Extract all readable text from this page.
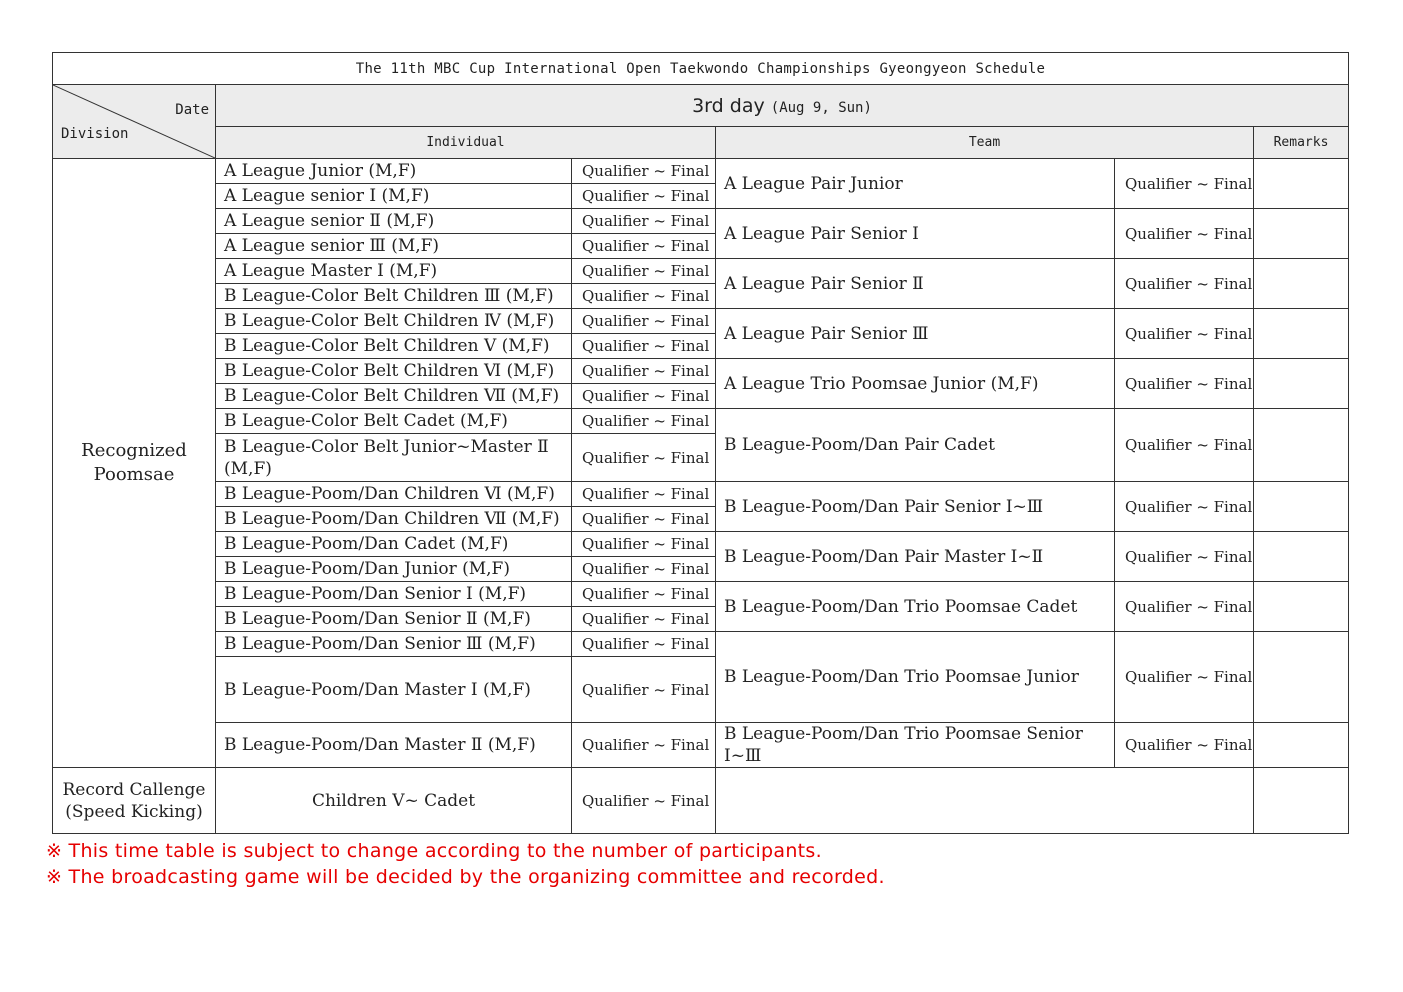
The 11th MBC Cup International Open Taekwondo Championships Gyeongyeon Schedule					

Date
Division	3rd day (Aug 9, Sun)				
	Individual		Team		Remarks
Recognized Poomsae	A League Junior (M,F)	Qualifier ~ Final	A League Pair Junior	Qualifier ~ Final	
	A League senior Ⅰ (M,F)	Qualifier ~ Final			
	A League senior Ⅱ (M,F)	Qualifier ~ Final	A League Pair Senior Ⅰ	Qualifier ~ Final	
	A League senior Ⅲ (M,F)	Qualifier ~ Final			
	A League Master Ⅰ (M,F)	Qualifier ~ Final	A League Pair Senior Ⅱ	Qualifier ~ Final	
	B League-Color Belt Children Ⅲ (M,F)	Qualifier ~ Final			
	B League-Color Belt Children Ⅳ (M,F)	Qualifier ~ Final	A League Pair Senior Ⅲ	Qualifier ~ Final	
	B League-Color Belt Children Ⅴ (M,F)	Qualifier ~ Final			
	B League-Color Belt Children Ⅵ (M,F)	Qualifier ~ Final	A League Trio Poomsae Junior (M,F)	Qualifier ~ Final	
	B League-Color Belt Children Ⅶ (M,F)	Qualifier ~ Final			
	B League-Color Belt Cadet (M,F)	Qualifier ~ Final	B League-Poom/Dan Pair Cadet	Qualifier ~ Final	
	B League-Color Belt Junior~Master Ⅱ (M,F)	Qualifier ~ Final			
	B League-Poom/Dan Children Ⅵ (M,F)	Qualifier ~ Final	B League-Poom/Dan Pair Senior Ⅰ~Ⅲ	Qualifier ~ Final	
	B League-Poom/Dan Children Ⅶ (M,F)	Qualifier ~ Final			
	B League-Poom/Dan Cadet (M,F)	Qualifier ~ Final	B League-Poom/Dan Pair Master Ⅰ~Ⅱ	Qualifier ~ Final	
	B League-Poom/Dan Junior (M,F)	Qualifier ~ Final			
	B League-Poom/Dan Senior Ⅰ (M,F)	Qualifier ~ Final	B League-Poom/Dan Trio Poomsae Cadet	Qualifier ~ Final	
	B League-Poom/Dan Senior Ⅱ (M,F)	Qualifier ~ Final			
	B League-Poom/Dan Senior Ⅲ (M,F)	Qualifier ~ Final	B League-Poom/Dan Trio Poomsae Junior	Qualifier ~ Final	
	B League-Poom/Dan Master Ⅰ (M,F)	Qualifier ~ Final			
	B League-Poom/Dan Master Ⅱ (M,F)	Qualifier ~ Final	B League-Poom/Dan Trio Poomsae Senior Ⅰ~Ⅲ	Qualifier ~ Final	
Record Callenge (Speed Kicking)	Children Ⅴ~ Cadet	Qualifier ~ Final			
※ This time table is subject to change according to the number of participants.
※ The broadcasting game will be decided by the organizing committee and recorded.
